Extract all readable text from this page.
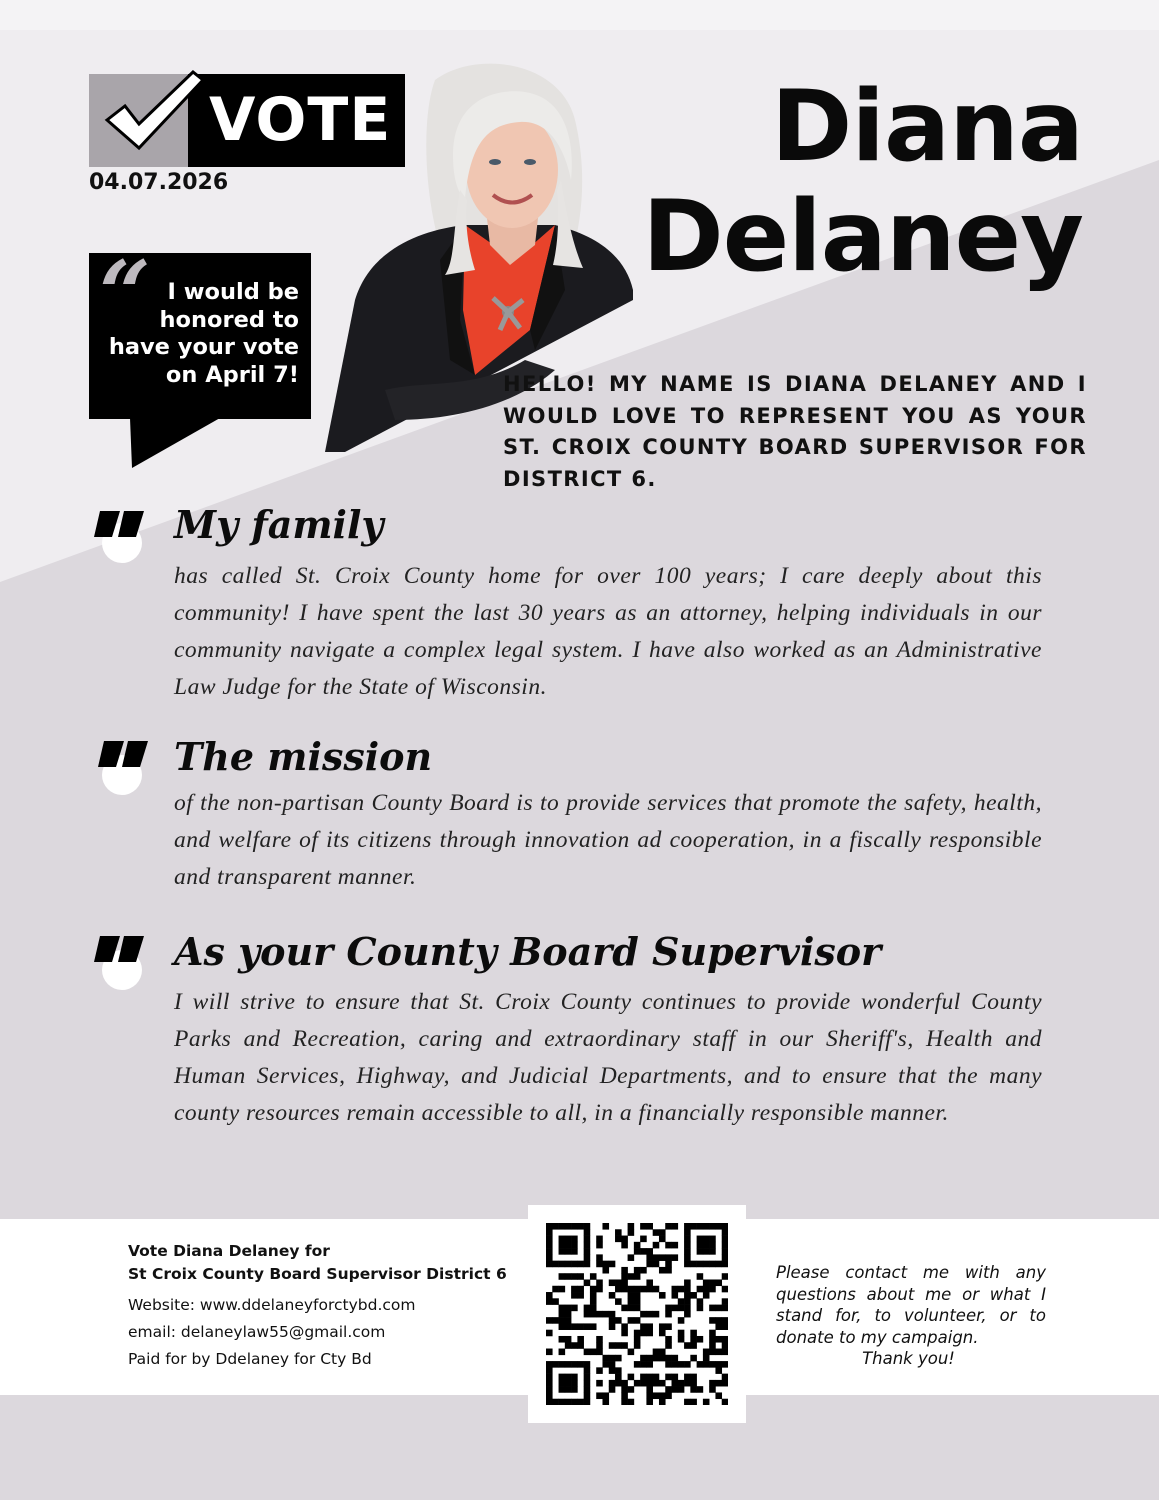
VOTE
04.07.2026
“ I would be honored to have your vote on April 7!
Diana
Delaney
HELLO! MY NAME IS DIANA DELANEY AND I WOULD LOVE TO REPRESENT YOU AS YOUR ST. CROIX COUNTY BOARD SUPERVISOR FOR DISTRICT 6.
My family
has called St. Croix County home for over 100 years; I care deeply about this community! I have spent the last 30 years as an attorney, helping individuals in our community navigate a complex legal system. I have also worked as an Administrative Law Judge for the State of Wisconsin.
The mission
of the non-partisan County Board is to provide services that promote the safety, health, and welfare of its citizens through innovation ad cooperation, in a fiscally responsible and transparent manner.
As your County Board Supervisor
I will strive to ensure that St. Croix County continues to provide wonderful County Parks and Recreation, caring and extraordinary staff in our Sheriff's, Health and Human Services, Highway, and Judicial Departments, and to ensure that the many county resources remain accessible to all, in a financially responsible manner.
Vote Diana Delaney for
St Croix County Board Supervisor District 6
Website: www.ddelaneyforctybd.com
email: delaneylaw55@gmail.com
Paid for by Ddelaney for Cty Bd
Please contact me with any questions about me or what I stand for, to volunteer, or to donate to my campaign.
Thank you!
